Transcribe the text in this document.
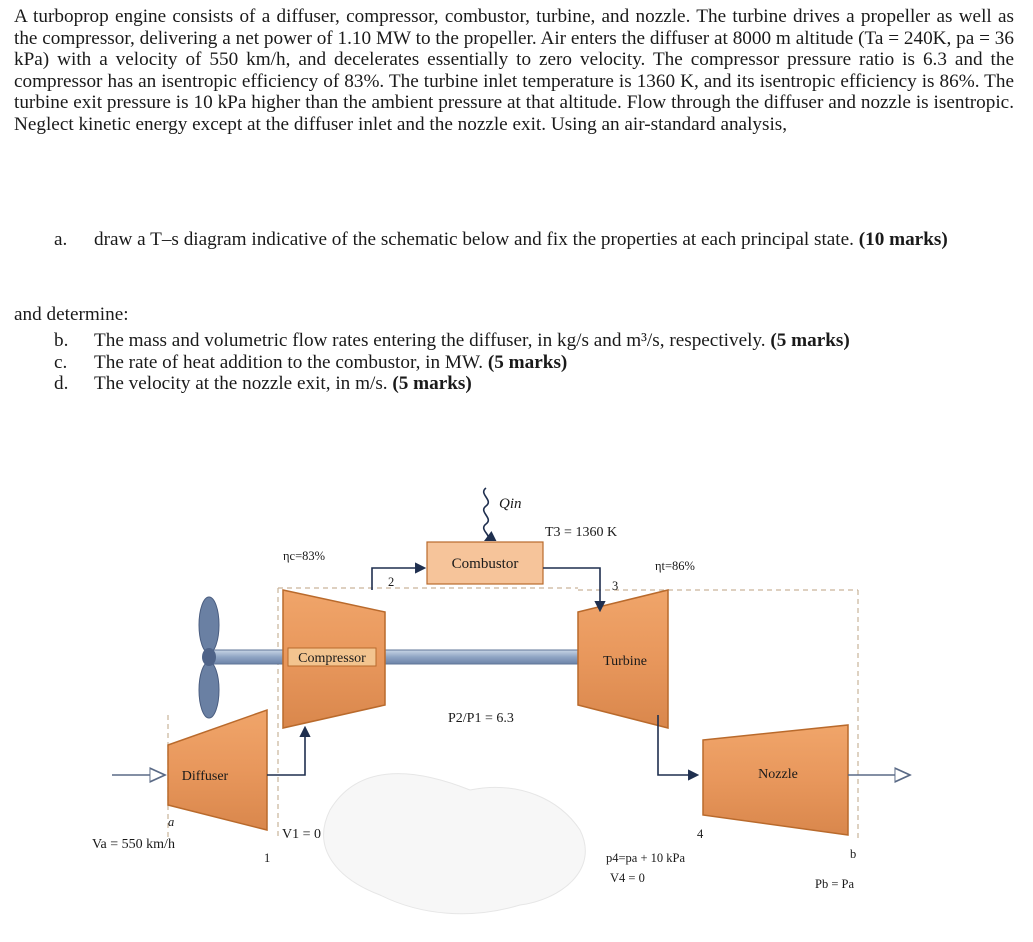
A turboprop engine consists of a diffuser, compressor, combustor, turbine, and nozzle. The turbine drives a propeller as well as the compressor, delivering a net power of 1.10 MW to the propeller. Air enters the diffuser at 8000 m altitude (Ta = 240K, pa = 36 kPa) with a velocity of 550 km/h, and decelerates essentially to zero velocity. The compressor pressure ratio is 6.3 and the compressor has an isentropic efficiency of 83%. The turbine inlet temperature is 1360 K, and its isentropic efficiency is 86%. The turbine exit pressure is 10 kPa higher than the ambient pressure at that altitude. Flow through the diffuser and nozzle is isentropic. Neglect kinetic energy except at the diffuser inlet and the nozzle exit. Using an air-standard analysis,

a. draw a T–s diagram indicative of the schematic below and fix the properties at each principal state. (10 marks)
and determine:
b. The mass and volumetric flow rates entering the diffuser, in kg/s and m³/s, respectively. (5 marks)
c. The rate of heat addition to the combustor, in MW. (5 marks)
d. The velocity at the nozzle exit, in m/s. (5 marks)
Compressor	Turbine
Combustor
Diffuser	Nozzle
Qin
T3 = 1360 K
ηc=83%
ηt=86%
P2/P1 = 6.3
Va = 550 km/h
V1 = 0
p4=pa + 10 kPa
V4 = 0	Pb = Pa
a
1
2	3
4
b
